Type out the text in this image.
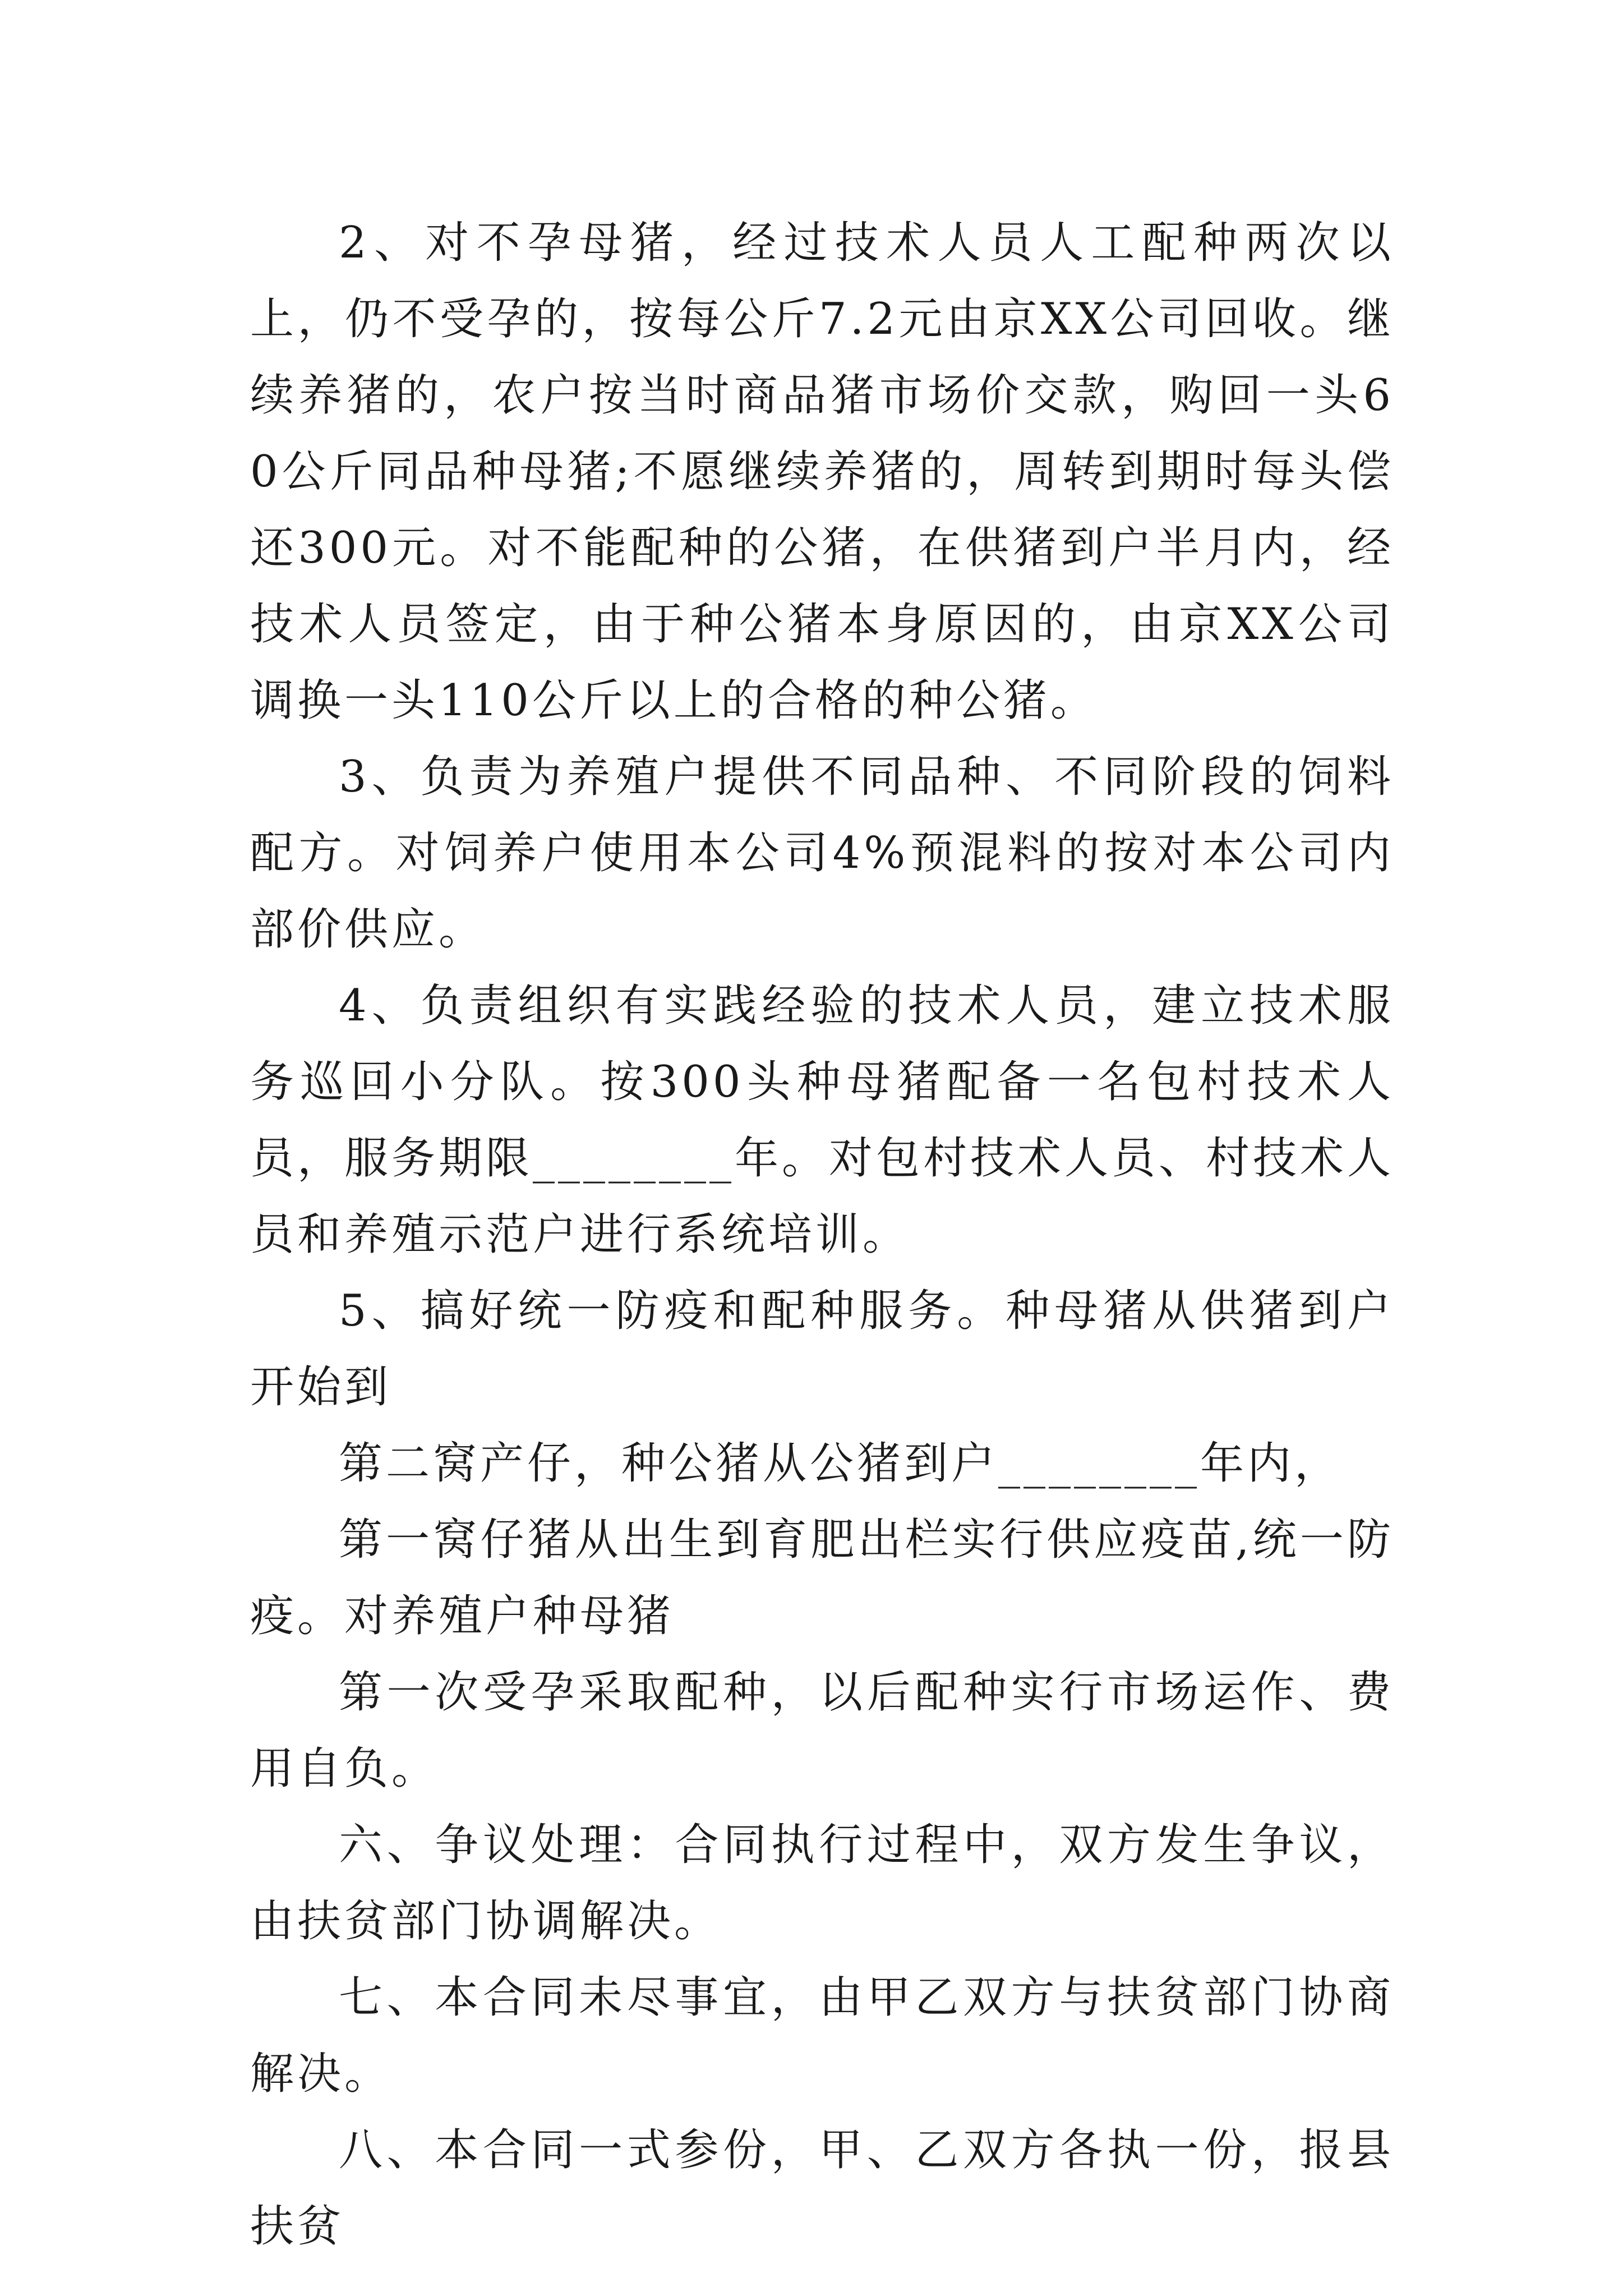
2、对不孕母猪，经过技术人员人工配种两次以上，仍不受孕的，按每公斤7.2元由京XX公司回收。继续养猪的，农户按当时商品猪市场价交款，购回一头60公斤同品种母猪;不愿继续养猪的，周转到期时每头偿还300元。对不能配种的公猪，在供猪到户半月内，经技术人员签定，由于种公猪本身原因的，由京XX公司调换一头110公斤以上的合格的种公猪。

3、负责为养殖户提供不同品种、不同阶段的饲料配方。对饲养户使用本公司4%预混料的按对本公司内部价供应。

4、负责组织有实践经验的技术人员，建立技术服务巡回小分队。按300头种母猪配备一名包村技术人员，服务期限________年。对包村技术人员、村技术人员和养殖示范户进行系统培训。

5、搞好统一防疫和配种服务。种母猪从供猪到户开始到

第二窝产仔，种公猪从公猪到户________年内，

第一窝仔猪从出生到育肥出栏实行供应疫苗,统一防疫。对养殖户种母猪

第一次受孕采取配种，以后配种实行市场运作、费用自负。

六、争议处理：合同执行过程中，双方发生争议，由扶贫部门协调解决。

七、本合同未尽事宜，由甲乙双方与扶贫部门协商解决。

八、本合同一式参份，甲、乙双方各执一份，报县扶贫
